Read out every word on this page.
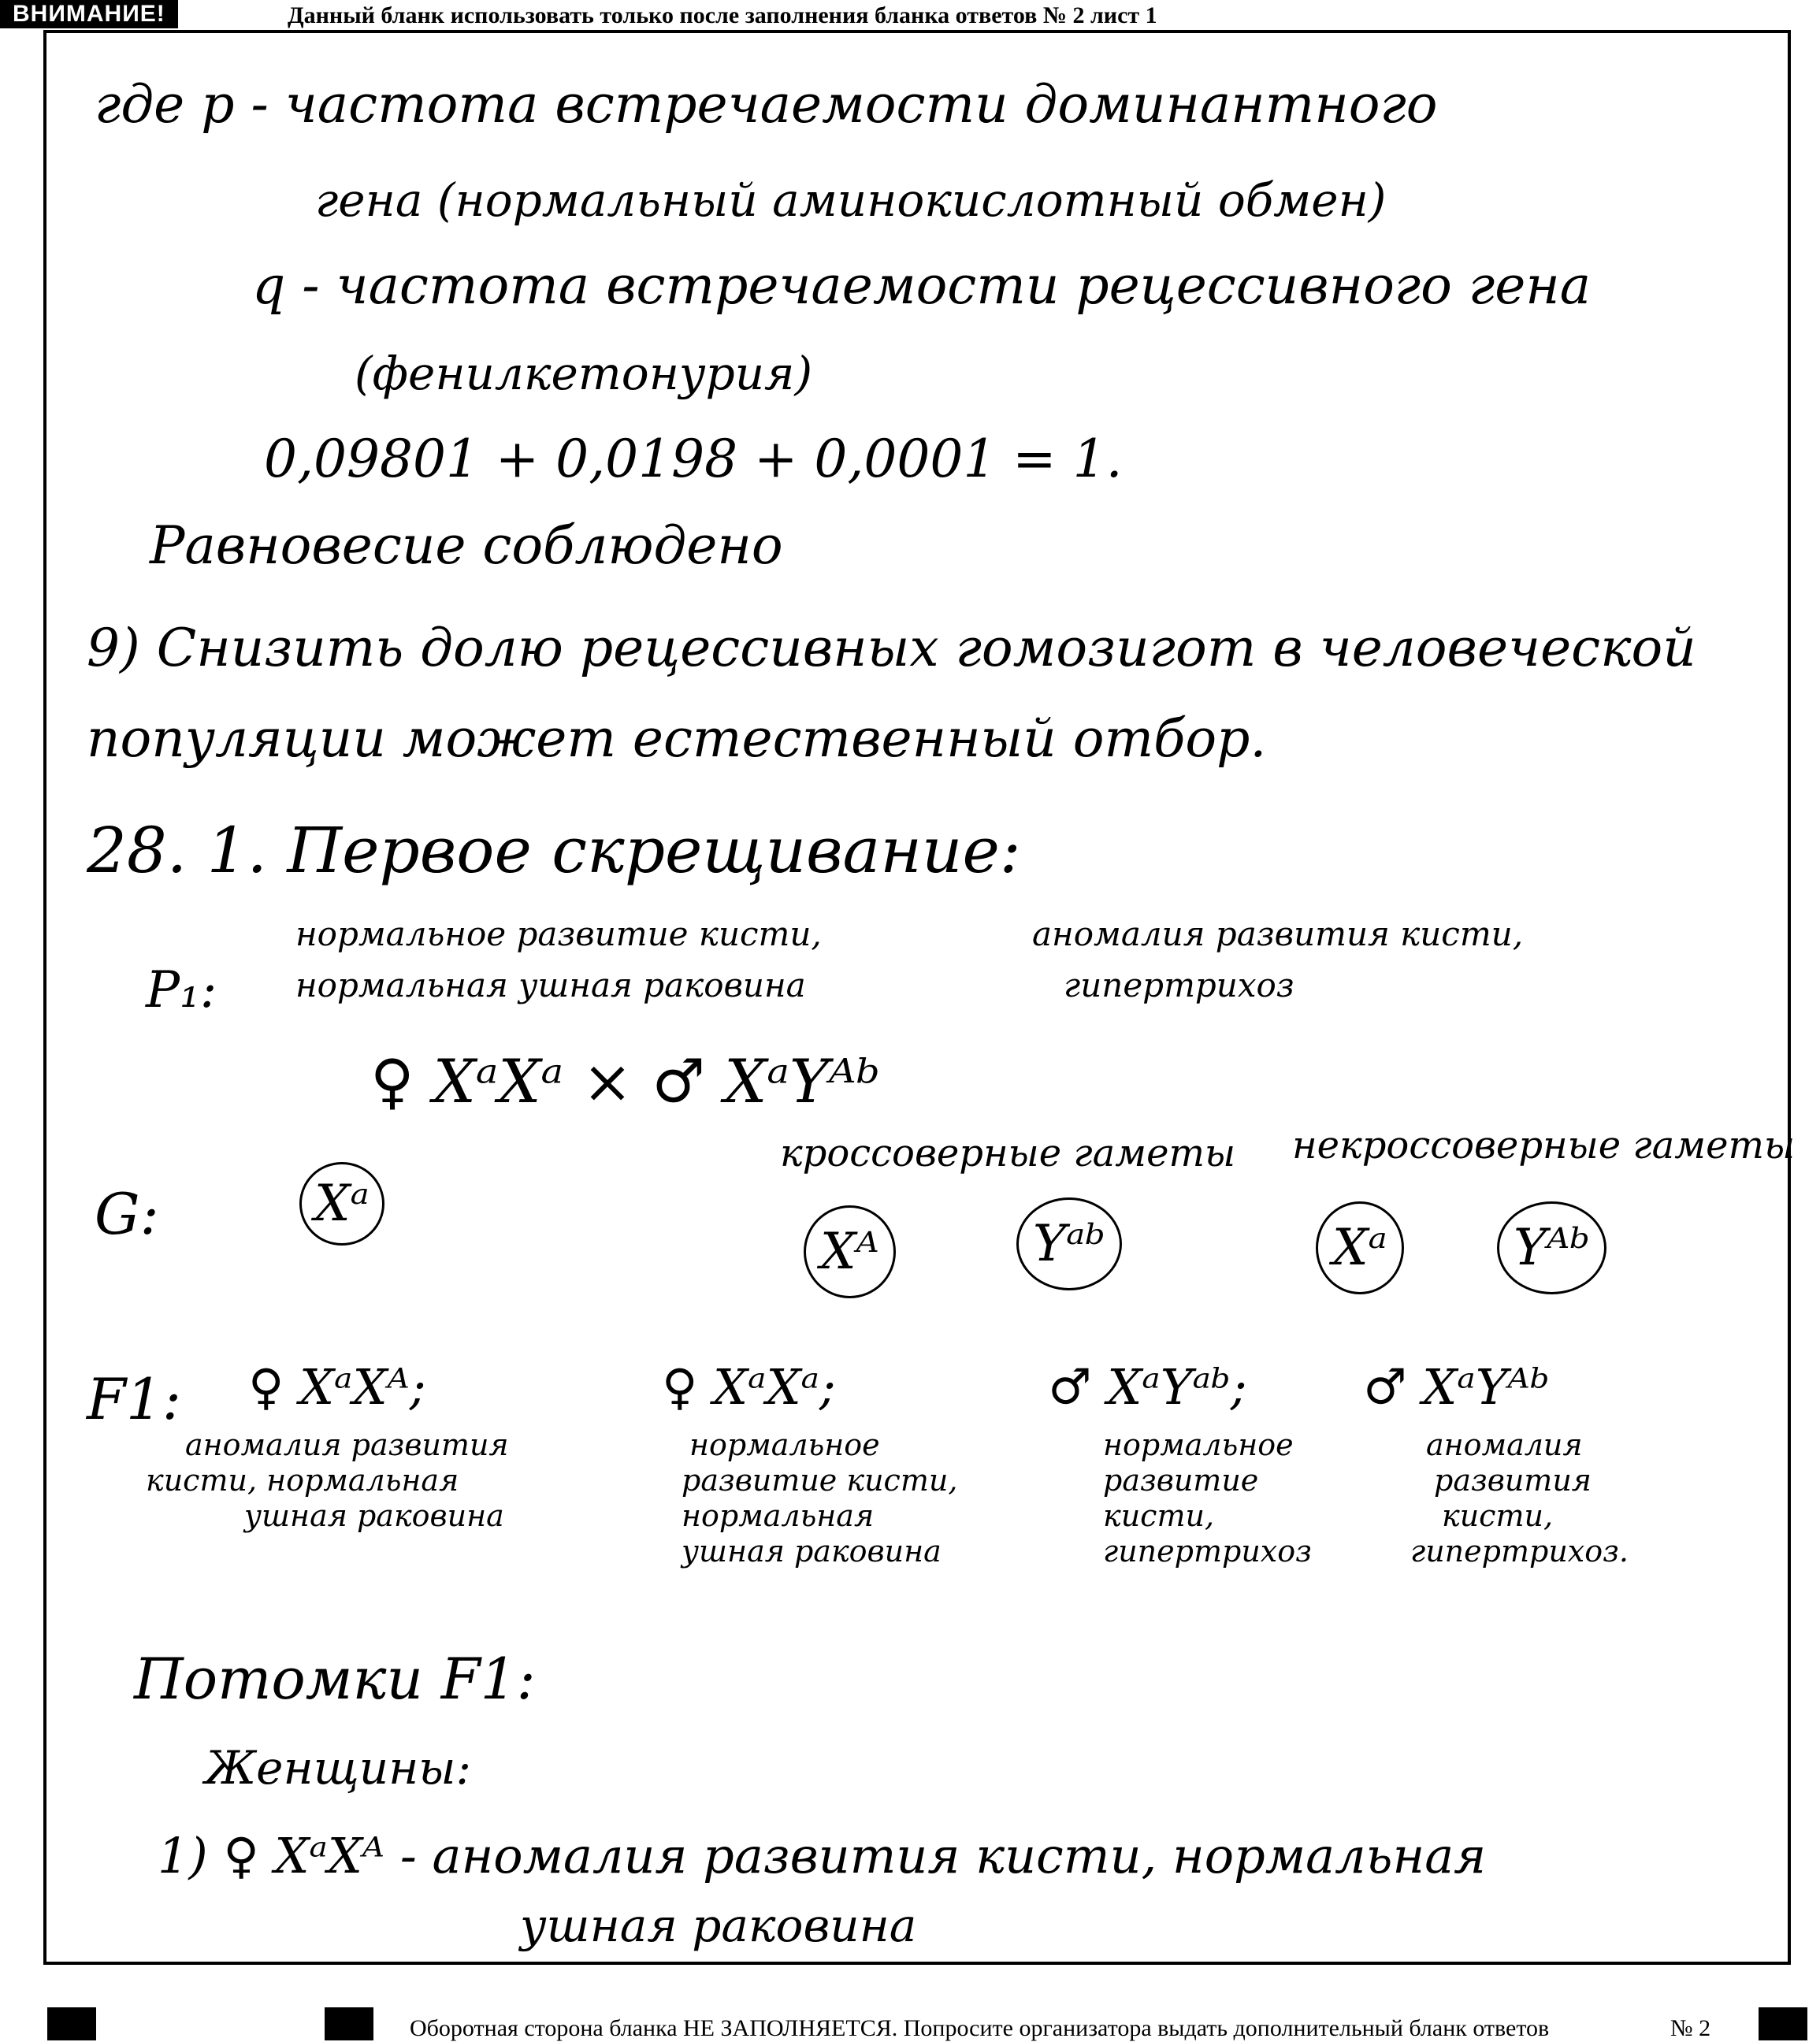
ВНИМАНИЕ!	Данный бланк использовать только после заполнения бланка ответов № 2 лист 1
где p - частота встречаемости доминантного
гена (нормальный аминокислотный обмен)
q - частота встречаемости рецессивного гена
(фенилкетонурия)
0,09801 + 0,0198 + 0,0001 = 1.
Равновесие соблюдено
9) Снизить долю рецессивных гомозигот в человеческой
популяции может естественный отбор.
28. 1. Первое скрещивание:
нормальное развитие кисти,	аномалия развития кисти,
P₁: нормальная ушная раковина	гипертрихоз
♀ XᵃXᵃ × ♂ XᵃYᴬᵇ
кроссоверные гаметы некроссоверные гаметы
G:	Xᵃ
Xᴬ	Yᵃᵇ	Xᵃ	Yᴬᵇ
F1: ♀ XᵃXᴬ;
аномалия развития
кисти, нормальная
ушная раковина
♀ XᵃXᵃ;
нормальное
развитие кисти,
нормальная
ушная раковина
♂ XᵃYᵃᵇ;
нормальное
развитие
кисти,
гипертрихоз
♂ XᵃYᴬᵇ
аномалия
развития
кисти,
гипертрихоз.
Потомки F1:
Женщины:
1) ♀ XᵃXᴬ - аномалия развития кисти, нормальная
ушная раковина
Оборотная сторона бланка НЕ ЗАПОЛНЯЕТСЯ. Попросите организатора выдать дополнительный бланк ответов	№ 2
